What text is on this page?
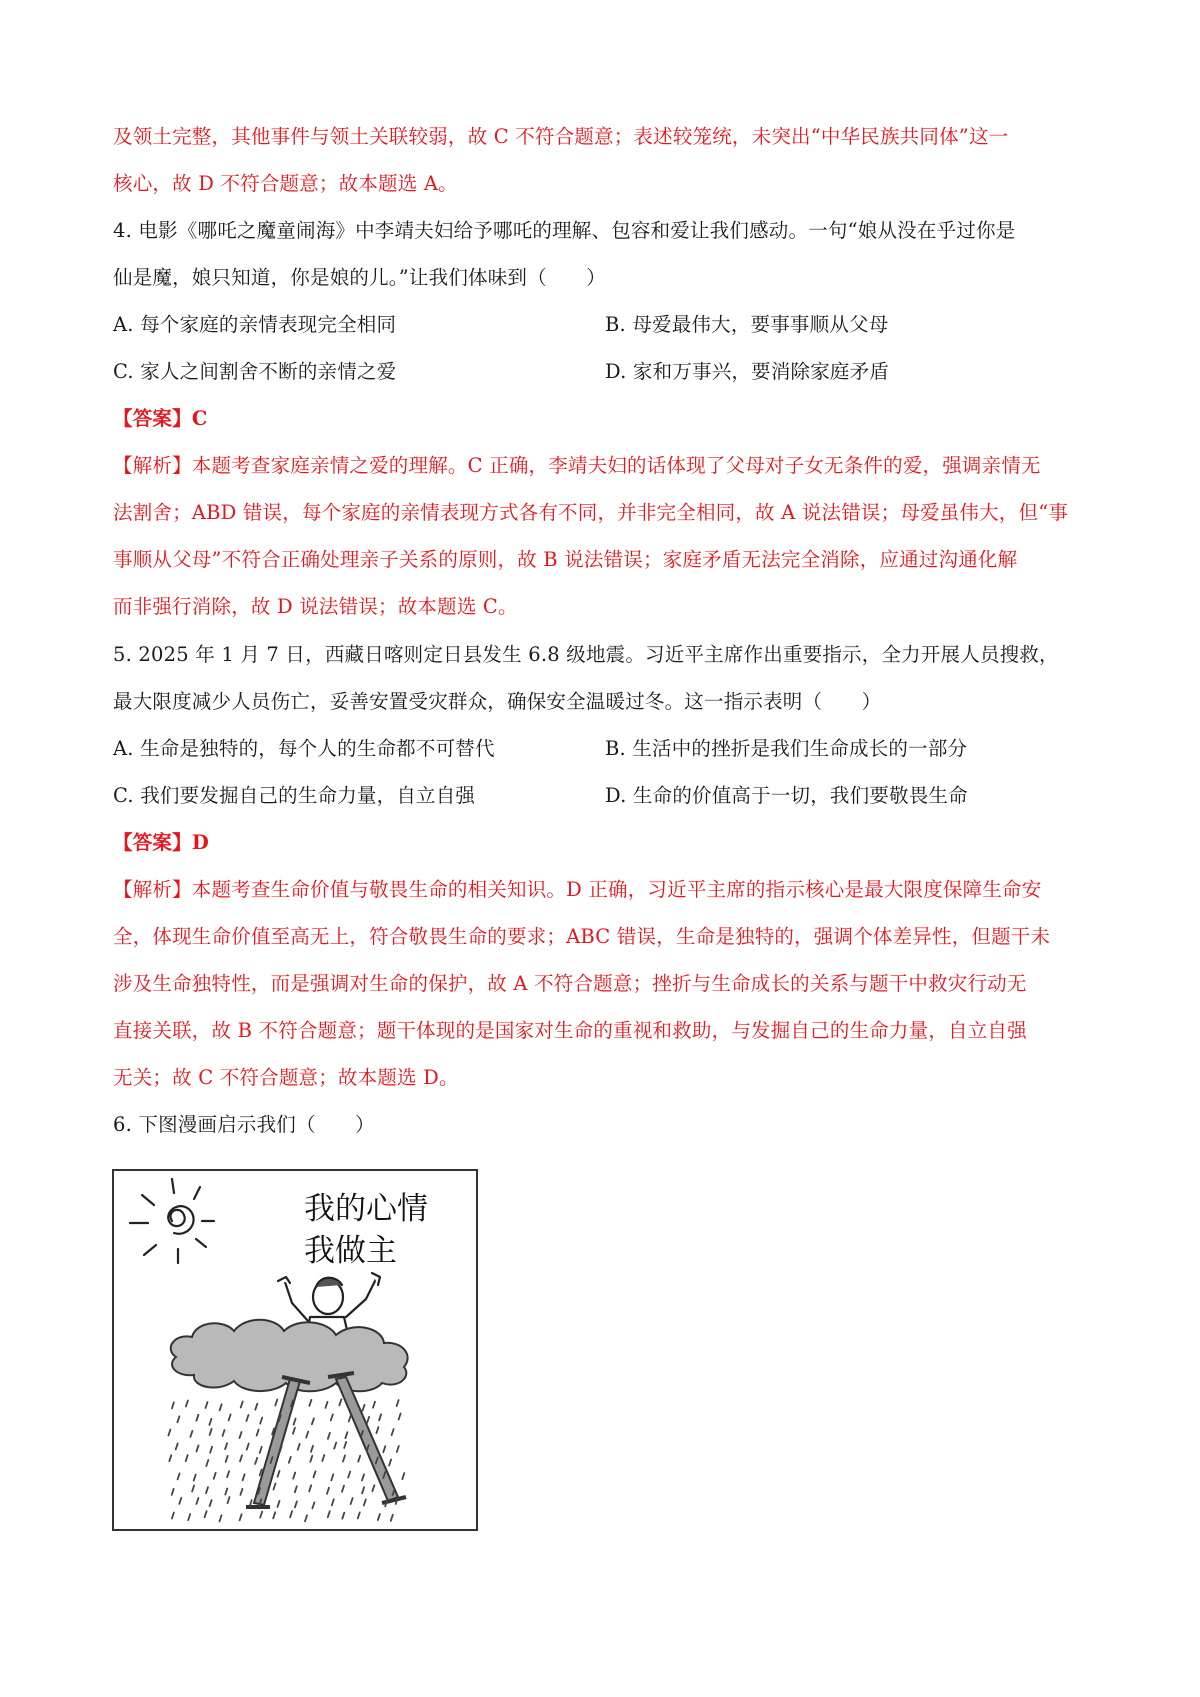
及领土完整，其他事件与领土关联较弱，故 C 不符合题意；表述较笼统，未突出“中华民族共同体”这一
核心，故 D 不符合题意；故本题选 A。
4. 电影《哪吒之魔童闹海》中李靖夫妇给予哪吒的理解、包容和爱让我们感动。一句“娘从没在乎过你是
仙是魔，娘只知道，你是娘的儿。”让我们体味到（　　）
A. 每个家庭的亲情表现完全相同	B. 母爱最伟大，要事事顺从父母
C. 家人之间割舍不断的亲情之爱	D. 家和万事兴，要消除家庭矛盾
【答案】C
【解析】本题考查家庭亲情之爱的理解。C 正确，李靖夫妇的话体现了父母对子女无条件的爱，强调亲情无
法割舍；ABD 错误，每个家庭的亲情表现方式各有不同，并非完全相同，故 A 说法错误；母爱虽伟大，但“事
事顺从父母”不符合正确处理亲子关系的原则，故 B 说法错误；家庭矛盾无法完全消除，应通过沟通化解
而非强行消除，故 D 说法错误；故本题选 C。
5. 2025 年 1 月 7 日，西藏日喀则定日县发生 6.8 级地震。习近平主席作出重要指示，全力开展人员搜救，
最大限度减少人员伤亡，妥善安置受灾群众，确保安全温暖过冬。这一指示表明（　　）
A. 生命是独特的，每个人的生命都不可替代	B. 生活中的挫折是我们生命成长的一部分
C. 我们要发掘自己的生命力量，自立自强	D. 生命的价值高于一切，我们要敬畏生命
【答案】D
【解析】本题考查生命价值与敬畏生命的相关知识。D 正确，习近平主席的指示核心是最大限度保障生命安
全，体现生命价值至高无上，符合敬畏生命的要求；ABC 错误，生命是独特的，强调个体差异性，但题干未
涉及生命独特性，而是强调对生命的保护，故 A 不符合题意；挫折与生命成长的关系与题干中救灾行动无
直接关联，故 B 不符合题意；题干体现的是国家对生命的重视和救助，与发掘自己的生命力量，自立自强
无关；故 C 不符合题意；故本题选 D。
6. 下图漫画启示我们（　　）
我的心情
我做主
